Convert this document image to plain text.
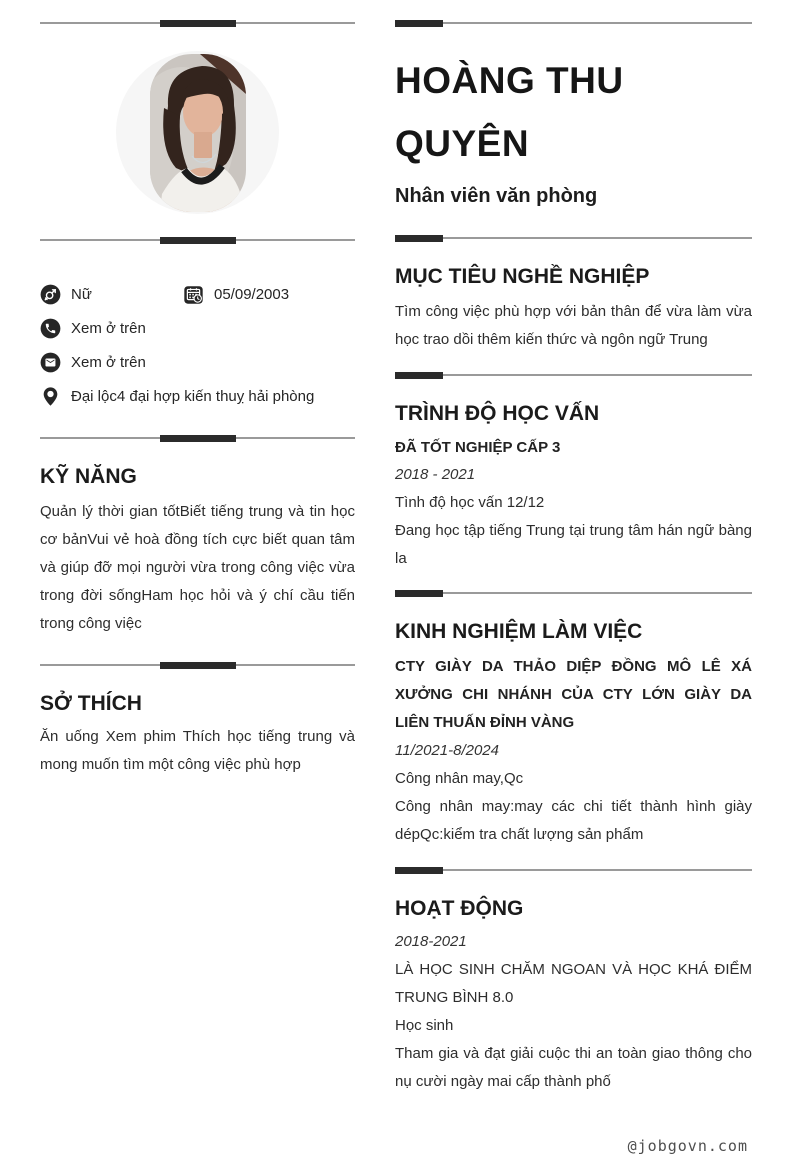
Nữ	05/09/2003
Xem ở trên
Xem ở trên
Đại lộc4 đại hợp kiến thuỵ hải phòng
KỸ NĂNG

Quản lý thời gian tốtBiết tiếng trung và tin học cơ bảnVui vẻ hoà đồng tích cực biết quan tâm và giúp đỡ mọi người vừa trong công việc vừa trong đời sốngHam học hỏi và ý chí cầu tiến trong công việc

SỞ THÍCH

Ăn uống Xem phim Thích học tiếng trung và mong muốn tìm một công việc phù hợp

HOÀNG THU QUYÊN
Nhân viên văn phòng
MỤC TIÊU NGHỀ NGHIỆP

Tìm công việc phù hợp với bản thân để vừa làm vừa học trao dồi thêm kiến thức và ngôn ngữ Trung

TRÌNH ĐỘ HỌC VẤN
ĐÃ TỐT NGHIỆP CẤP 3
2018 - 2021
Tình độ học vấn 12/12

Đang học tập tiếng Trung tại trung tâm hán ngữ bàng la

KINH NGHIỆM LÀM VIỆC

CTY GIÀY DA THẢO DIỆP ĐỒNG MÔ LÊ XÁ XƯỞNG CHI NHÁNH CỦA CTY LỚN GIÀY DA LIÊN THUẤN ĐỈNH VÀNG

11/2021-8/2024
Công nhân may,Qc

Công nhân may:may các chi tiết thành hình giày dépQc:kiểm tra chất lượng sản phẩm

HOẠT ĐỘNG
2018-2021

LÀ HỌC SINH CHĂM NGOAN VÀ HỌC KHÁ ĐIỂM TRUNG BÌNH 8.0

Học sinh

Tham gia và đạt giải cuộc thi an toàn giao thông cho nụ cười ngày mai cấp thành phố

@jobgovn.com
